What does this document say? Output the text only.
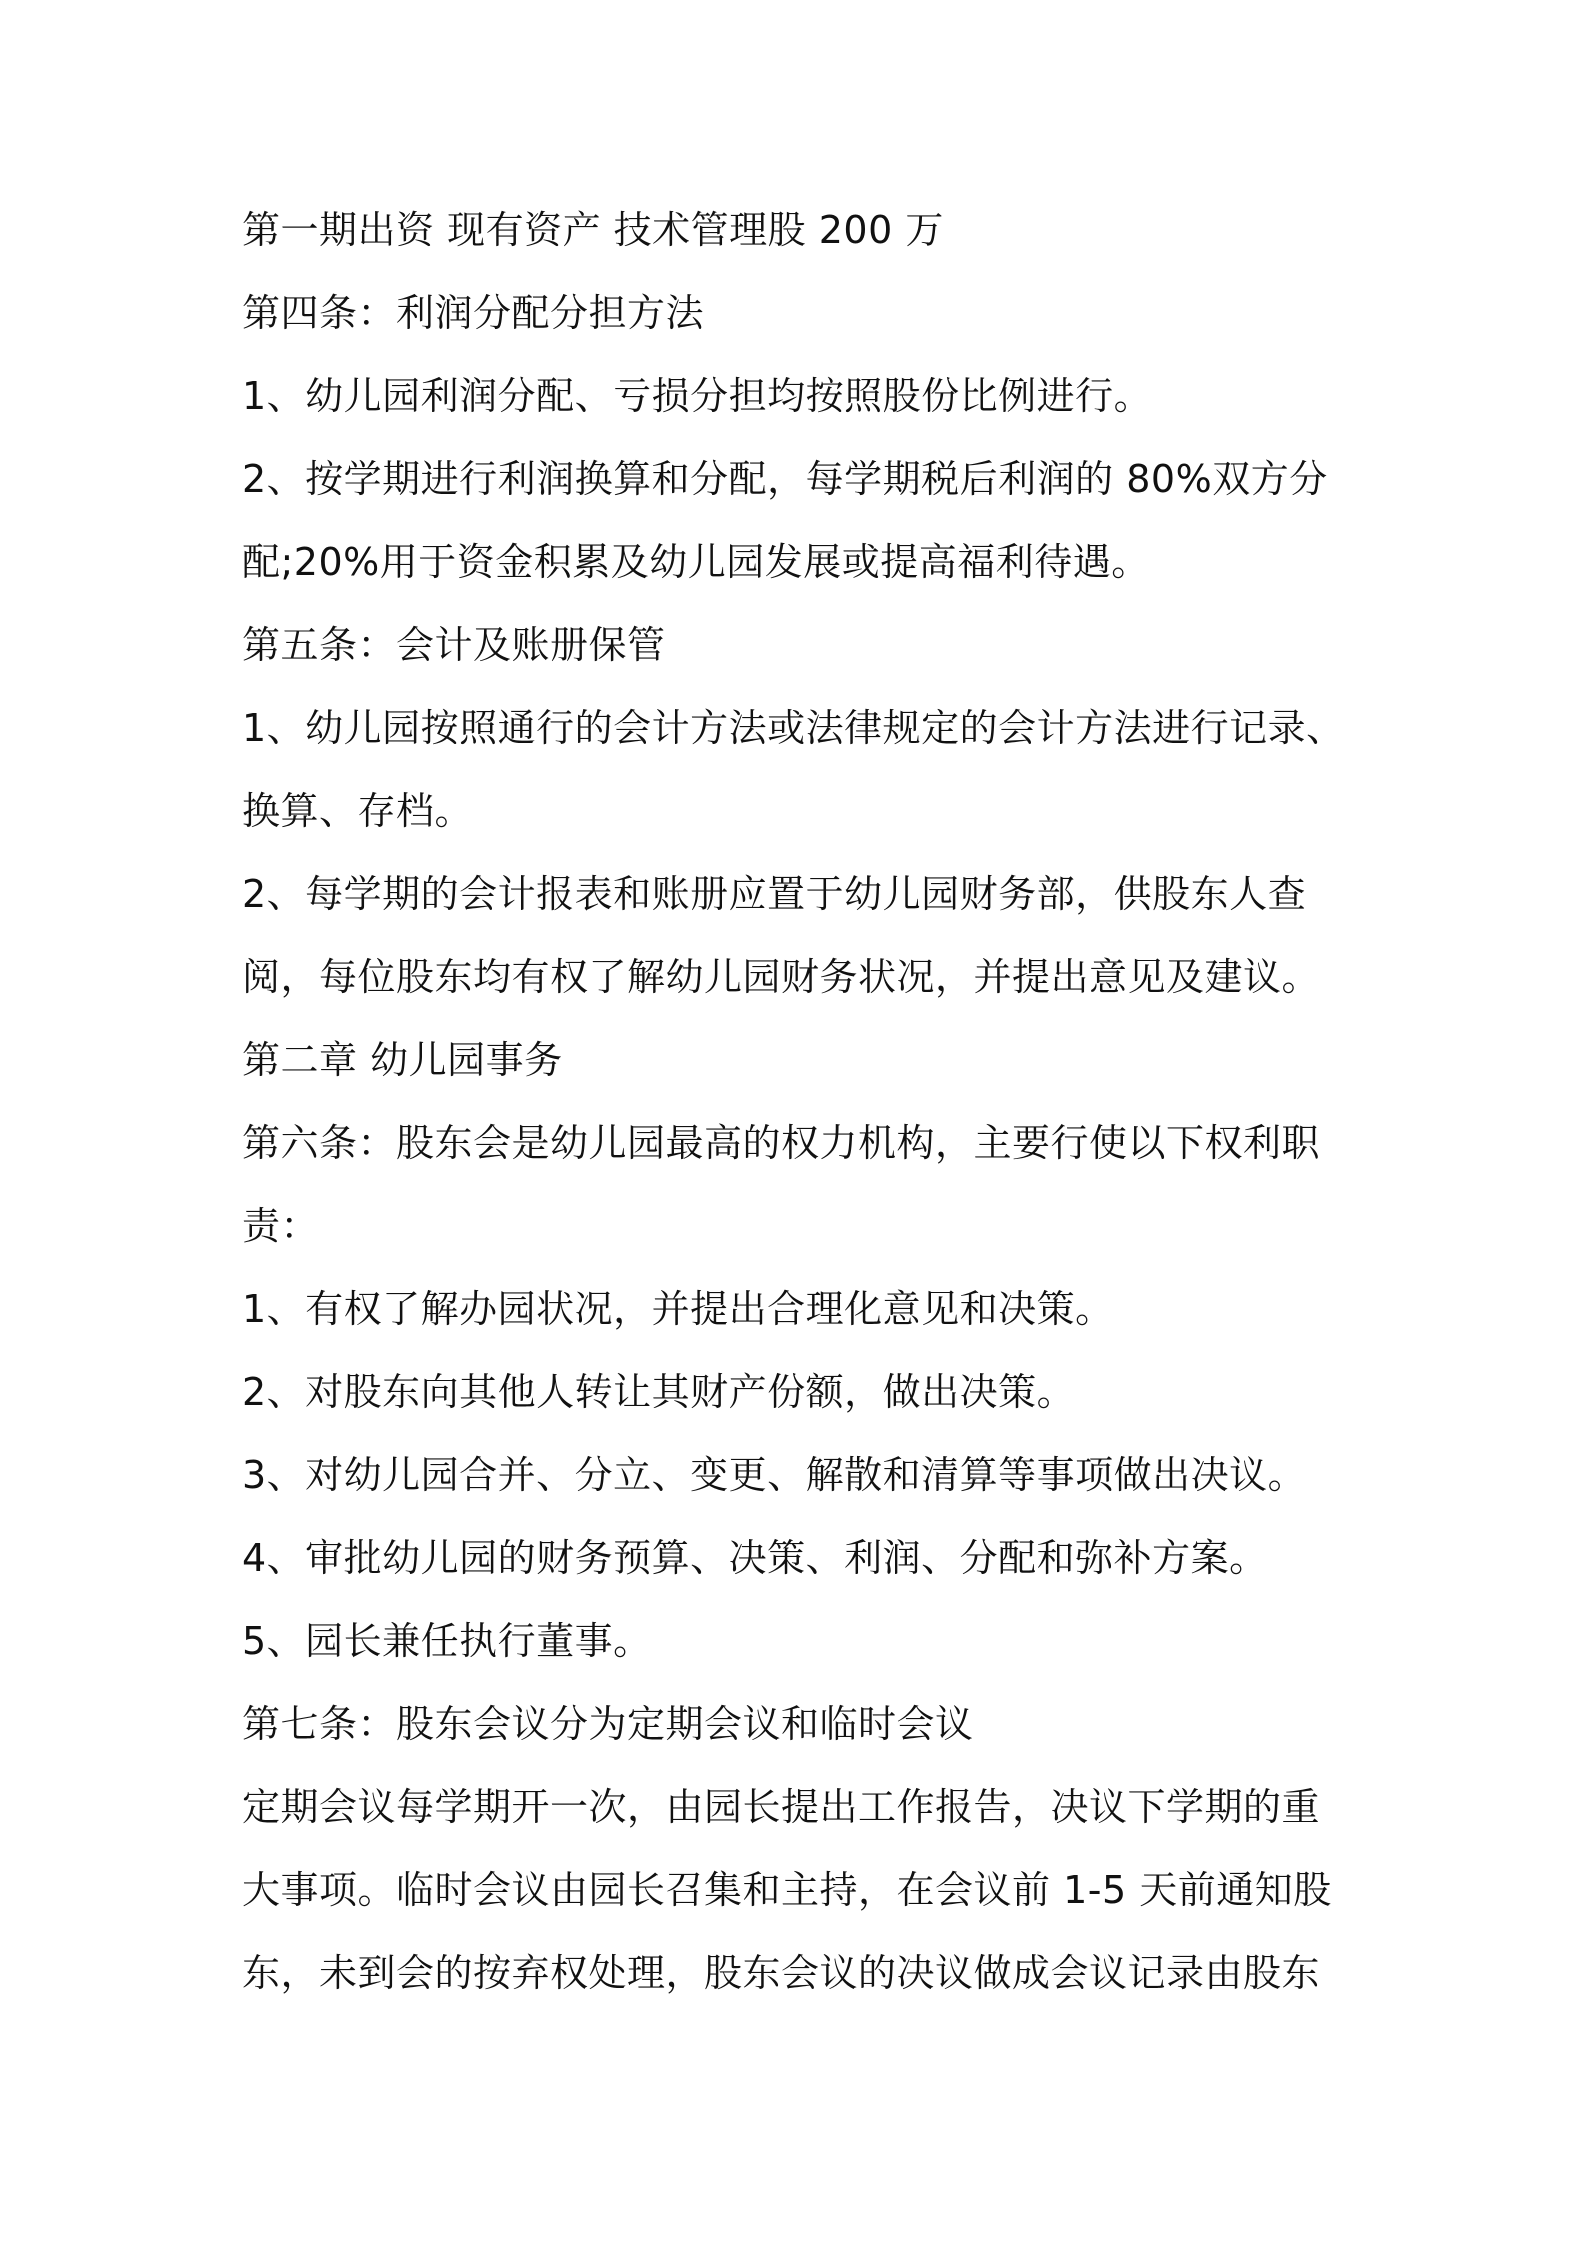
第一期出资 现有资产 技术管理股 200 万

第四条：利润分配分担方法

1、幼儿园利润分配、亏损分担均按照股份比例进行。

2、按学期进行利润换算和分配，每学期税后利润的 80%双方分

配;20%用于资金积累及幼儿园发展或提高福利待遇。

第五条：会计及账册保管

1、幼儿园按照通行的会计方法或法律规定的会计方法进行记录、

换算、存档。

2、每学期的会计报表和账册应置于幼儿园财务部，供股东人查

阅，每位股东均有权了解幼儿园财务状况，并提出意见及建议。

第二章 幼儿园事务

第六条：股东会是幼儿园最高的权力机构，主要行使以下权利职

责：

1、有权了解办园状况，并提出合理化意见和决策。

2、对股东向其他人转让其财产份额，做出决策。

3、对幼儿园合并、分立、变更、解散和清算等事项做出决议。

4、审批幼儿园的财务预算、决策、利润、分配和弥补方案。

5、园长兼任执行董事。

第七条：股东会议分为定期会议和临时会议

定期会议每学期开一次，由园长提出工作报告，决议下学期的重

大事项。临时会议由园长召集和主持，在会议前 1-5 天前通知股

东，未到会的按弃权处理，股东会议的决议做成会议记录由股东
